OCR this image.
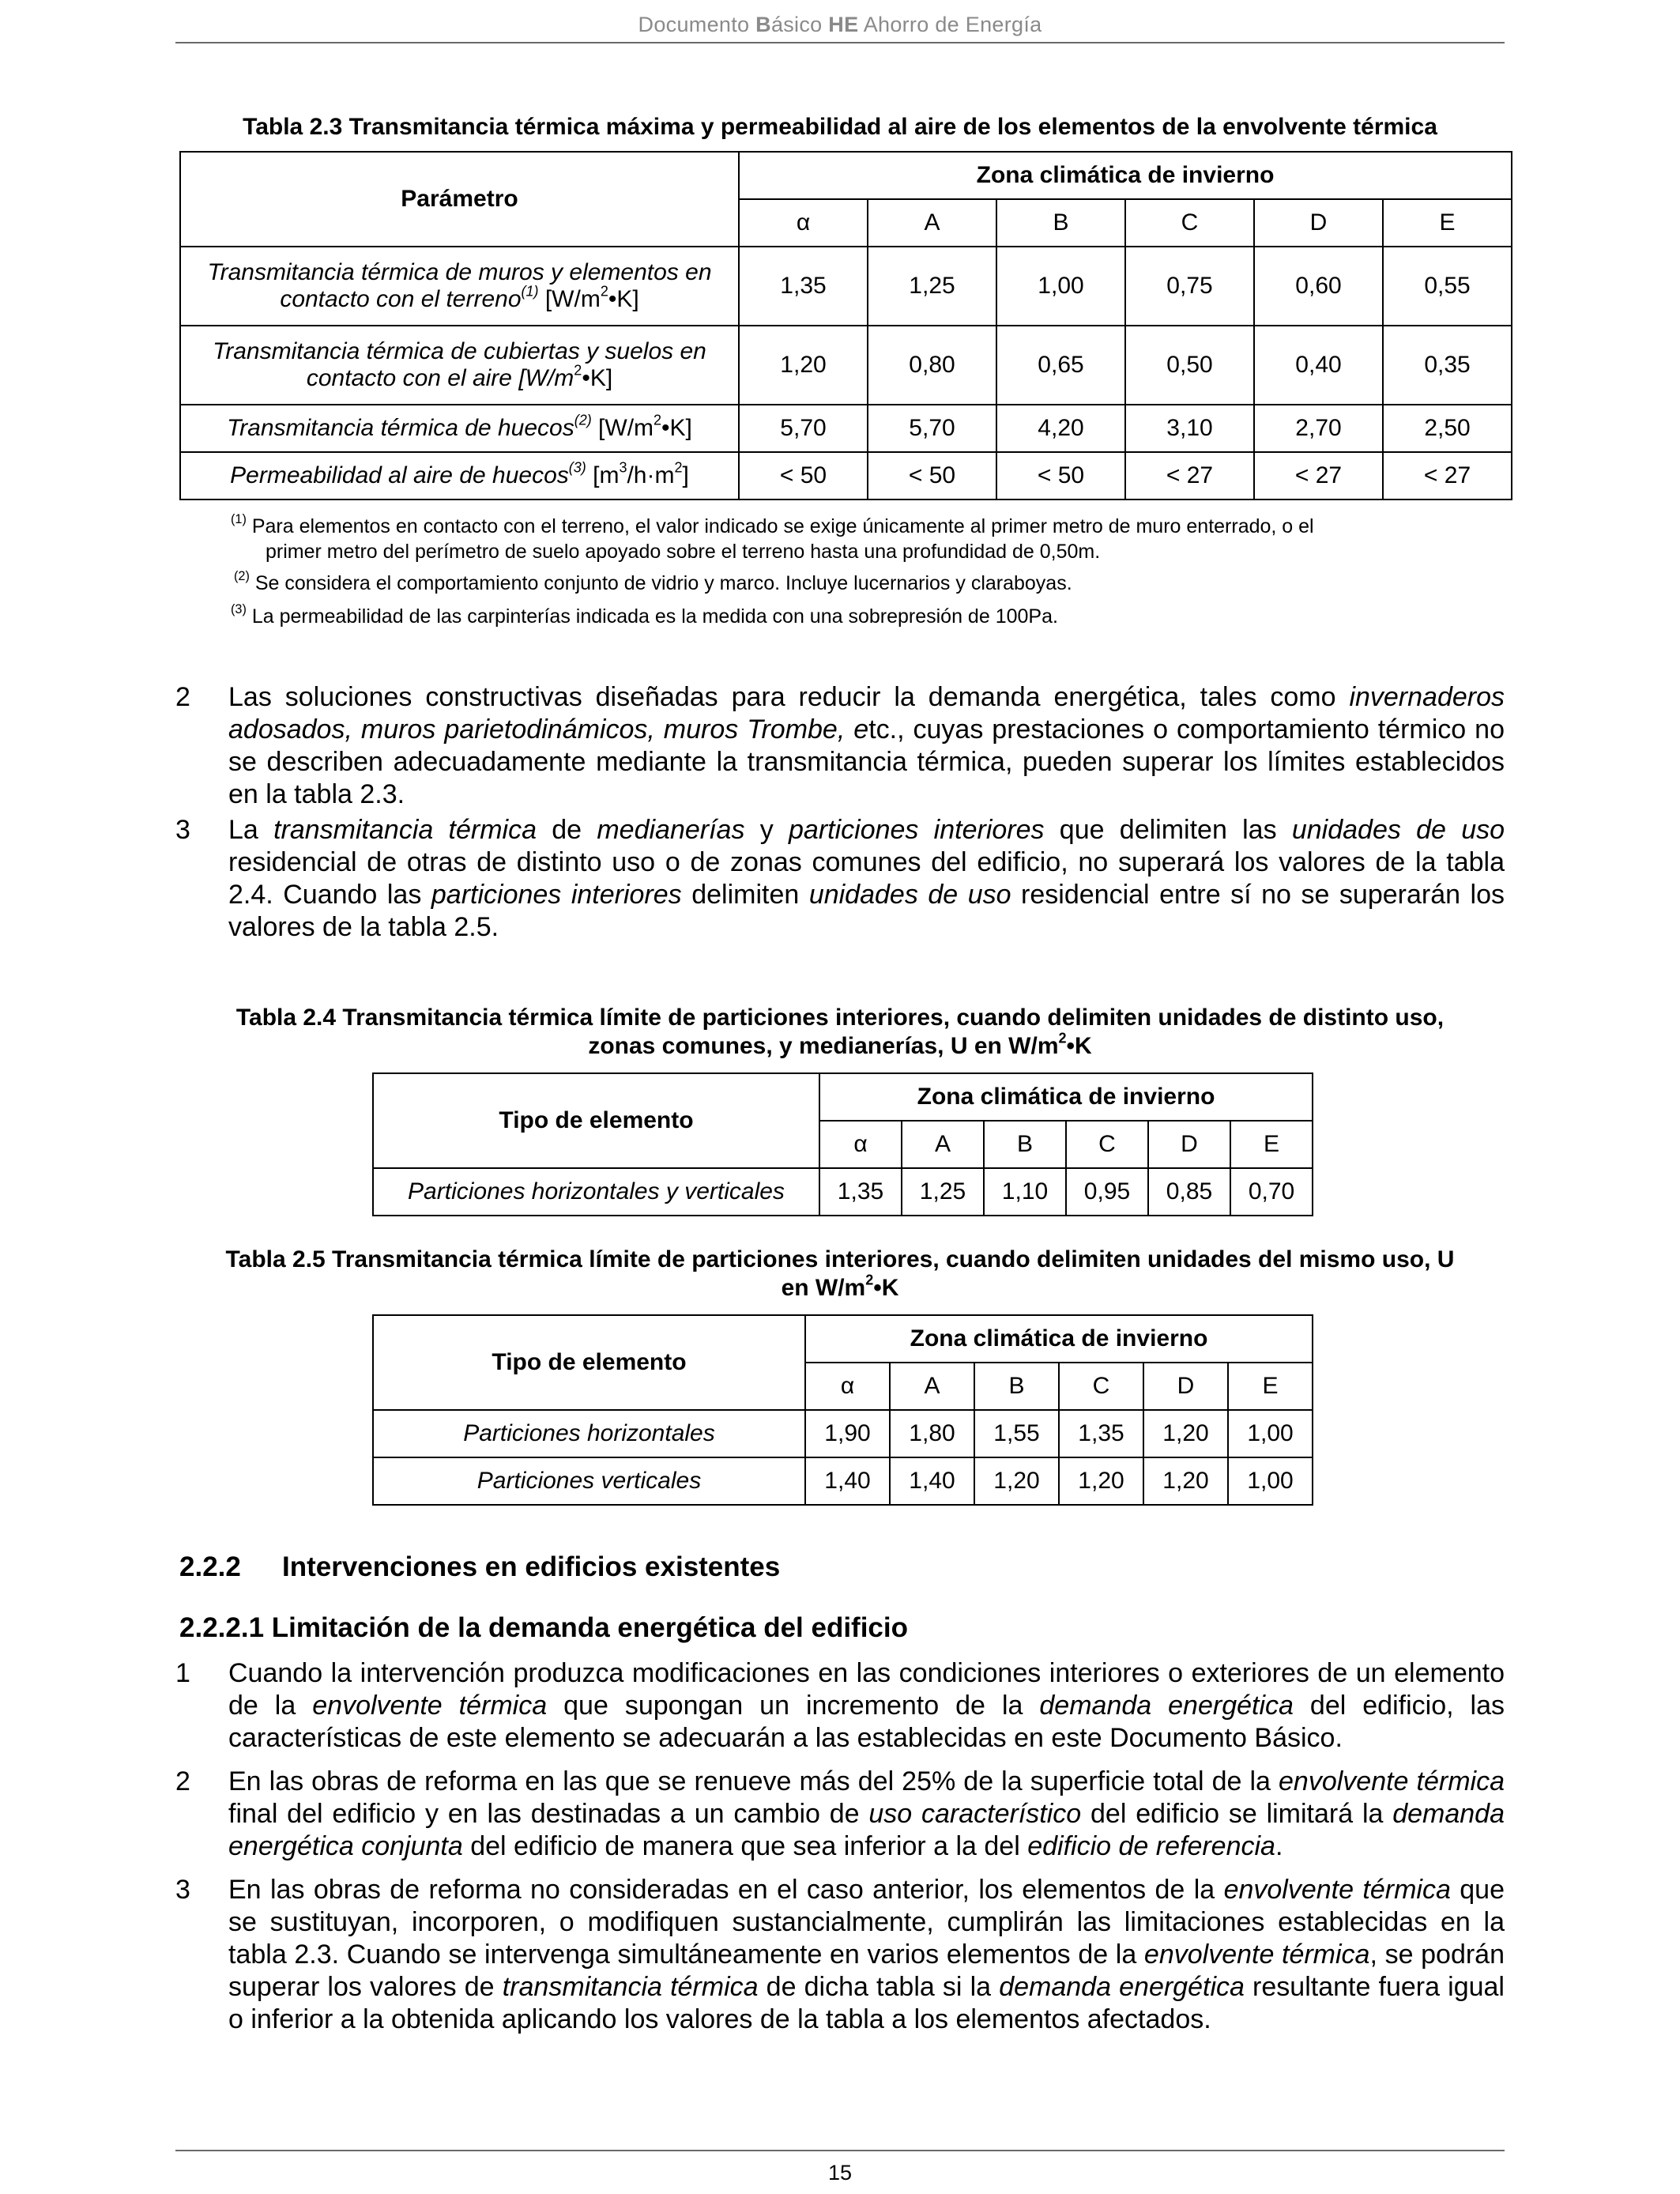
Documento Básico HE Ahorro de Energía
Tabla 2.3 Transmitancia térmica máxima y permeabilidad al aire de los elementos de la envolvente térmica
Parámetro	Zona climática de invierno					
	α	A	B	C	D	E
Transmitancia térmica de muros y elementos en
contacto con el terreno$^{(1)}$ $[W/m^2•K]$	1,35	1,25	1,00	0,75	0,60	0,55
Transmitancia térmica de cubiertas y suelos en
contacto con el aire $[W/m^2•K]$	1,20	0,80	0,65	0,50	0,40	0,35
Transmitancia térmica de huecos$^{(2)}$ $[W/m^2•K]$	5,70	5,70	4,20	3,10	2,70	2,50
Permeabilidad al aire de huecos$^{(3)}$ $[m^3/h\cdot m^2]$	< 50	< 50	< 50	< 27	< 27	< 27
$^{(1)}$ Para elementos en contacto con el terreno, el valor indicado se exige únicamente al primer metro de muro enterrado, o el
primer metro del perímetro de suelo apoyado sobre el terreno hasta una profundidad de 0,50m.
$^{(2)}$ Se considera el comportamiento conjunto de vidrio y marco. Incluye lucernarios y claraboyas.
$^{(3)}$ La permeabilidad de las carpinterías indicada es la medida con una sobrepresión de 100Pa.
2 Las soluciones constructivas diseñadas para reducir la demanda energética, tales como invernaderos adosados, muros parietodinámicos, muros Trombe, etc., cuyas prestaciones o comportamiento térmico no se describen adecuadamente mediante la transmitancia térmica, pueden superar los límites establecidos en la tabla 2.3.
3 La transmitancia térmica de medianerías y particiones interiores que delimiten las unidades de uso residencial de otras de distinto uso o de zonas comunes del edificio, no superará los valores de la tabla 2.4. Cuando las particiones interiores delimiten unidades de uso residencial entre sí no se superarán los valores de la tabla 2.5.
Tabla 2.4 Transmitancia térmica límite de particiones interiores, cuando delimiten unidades de distinto uso,
zonas comunes, y medianerías, U en $W/m^2•K$
Tipo de elemento	Zona climática de invierno					
	α	A	B	C	D	E
Particiones horizontales y verticales	1,35	1,25	1,10	0,95	0,85	0,70
Tabla 2.5 Transmitancia térmica límite de particiones interiores, cuando delimiten unidades del mismo uso, U
en $W/m^2•K$
Tipo de elemento	Zona climática de invierno					
	α	A	B	C	D	E
Particiones horizontales	1,90	1,80	1,55	1,35	1,20	1,00
Particiones verticales	1,40	1,40	1,20	1,20	1,20	1,00
2.2.2 Intervenciones en edificios existentes
2.2.2.1 Limitación de la demanda energética del edificio
1 Cuando la intervención produzca modificaciones en las condiciones interiores o exteriores de un elemento de la envolvente térmica que supongan un incremento de la demanda energética del edificio, las características de este elemento se adecuarán a las establecidas en este Documento Básico.
2 En las obras de reforma en las que se renueve más del 25% de la superficie total de la envolvente térmica final del edificio y en las destinadas a un cambio de uso característico del edificio se limitará la demanda energética conjunta del edificio de manera que sea inferior a la del edificio de referencia.
3 En las obras de reforma no consideradas en el caso anterior, los elementos de la envolvente térmica que se sustituyan, incorporen, o modifiquen sustancialmente, cumplirán las limitaciones establecidas en la tabla 2.3. Cuando se intervenga simultáneamente en varios elementos de la envolvente térmica, se podrán superar los valores de transmitancia térmica de dicha tabla si la demanda energética resultante fuera igual o inferior a la obtenida aplicando los valores de la tabla a los elementos afectados.
15
